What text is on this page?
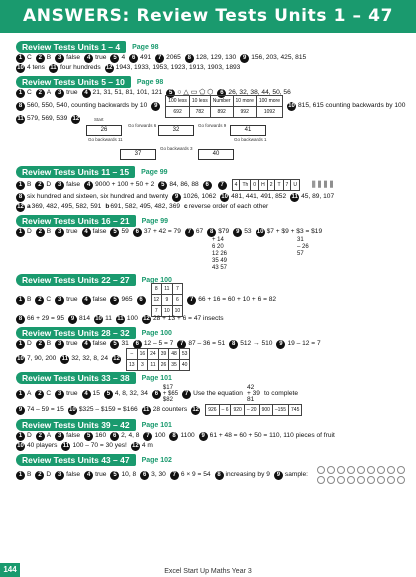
ANSWERS: Review Tests Units 1 – 47
Review Tests Units 1 – 4	Page 98
1 C	2 B	3 false	4 true	5 4	6 491	7 2065	8 128, 129, 130	9 156, 203, 425, 815
10 4 tens 11 four hundreds 12 1943, 1933, 1953, 1923, 1913, 1903, 1893
Review Tests Units 5 – 10	Page 98
1 C	2 A	3 true	4 21, 31, 51, 81, 101, 121	5 ○ △ ▭ ⬠ ⬡	6 26, 32, 38, 44, 50, 56
8 560, 550, 540, counting backwards by 10	9
100 less	10 less	Number	10 more	100 more
692	782	892	992	1092
10 815, 615 counting backwards by 100
11 579, 569, 539 12	Start
26
Go forwards 6
32
Go forwards 9
41
Go backwards 11	Go backwards 1
37
Go backwards 3
40
Review Tests Units 11 – 15	Page 99
1 B	2 D	3 false	4 9000 + 100 + 50 + 2	5 84, 86, 88	6	7	4	Th	0	H	2	T	7	U ⫼ ⫼ ⫼ ⫼
8 six hundred and sixteen, six hundred and twenty	9 1026, 1062 10 481, 441, 491, 852 11 45, 89, 107
12 a 369, 482, 495, 582, 591 b 691, 582, 495, 482, 369 c reverse order of each other
Review Tests Units 16 – 21	Page 99
1 D	2 B	3 true	4 false	5 59	6 37 + 42 = 79	7 67	8 $79	9 53 10 $7 + $9 + $3 = $19
+ 14
6 20
12 26
35 49
43 57
31
– 26
57
Review Tests Units 22 – 27	Page 100
1 B	2 C	3 true	4 false	5 965	6
8	11	7
12	9	6
7	10	10
7 66 + 16 = 60 + 10 + 6 = 82
8 66 + 29 = 95	9 814 10 11 11 100 12 28 + 13 + 6 = 47 insects
Review Tests Units 28 – 32	Page 100
1 D	2 B	3 true	4 false	5 31	6 12 – 5 = 7	7 87 – 36 = 51	8 512 → 510	9 19 – 12 = 7
10 7, 90, 200 11 32, 32, 8, 24 12
–	16	24	39	48	53
13	3	11	26	35	40
Review Tests Units 33 – 38	Page 101
1 A	2 C	3 true	4 15	5 4, 8, 32, 34	6
$17
+ $65
$82
7 Use the equation
42
+ 39
81
to complete
9 74 – 59 = 15 10 $325 – $159 = $166 11 28 counters 12 926	– 6	920	– 20	900	–155	745
Review Tests Units 39 – 42	Page 101
1 D	2 A	3 false	5 160	6 2, 4, 8	7 100	8 1100	9 61 + 48 = 60 + 50 = 110, 110 pieces of fruit
10 40 players 11 100 – 70 = 30 yes! 12 4 m
Review Tests Units 43 – 47	Page 102
1 B	2 D	3 false	4 true	5 10, 8	6 3, 30	7 6 × 9 = 54	8 increasing by 9	9 sample:
144	Excel Start Up Maths Year 3
